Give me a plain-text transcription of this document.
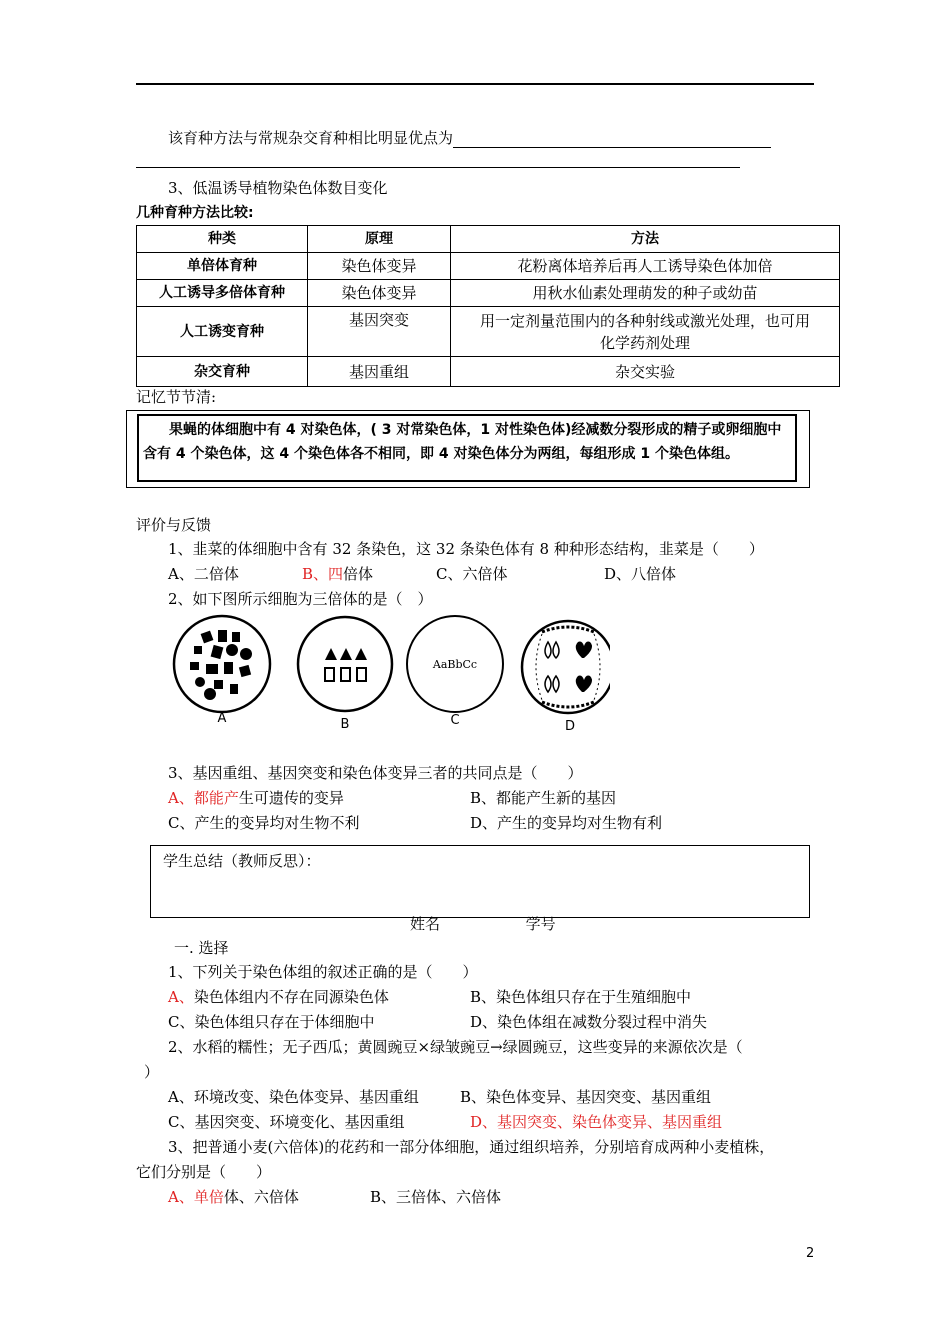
该育种方法与常规杂交育种相比明显优点为
3、低温诱导植物染色体数目变化
几种育种方法比较:
种类	原理	方法
单倍体育种	染色体变异	花粉离体培养后再人工诱导染色体加倍
人工诱导多倍体育种	染色体变异	用秋水仙素处理萌发的种子或幼苗
人工诱变育种	基因突变	用一定剂量范围内的各种射线或激光处理，也可用
化学药剂处理

杂交育种	基因重组	杂交实验
记忆节节清:
果蝇的体细胞中有 4 对染色体，( 3 对常染色体，1 对性染色体)经减数分裂形成的精子或卵细胞中含有 4 个染色体，这 4 个染色体各不相同，即 4 对染色体分为两组，每组形成 1 个染色体组。
评价与反馈
1、韭菜的体细胞中含有 32 条染色，这 32 条染色体有 8 种种形态结构，韭菜是（　　）
A、二倍体	B、四倍体	C、六倍体	D、八倍体
2、如下图所示细胞为三倍体的是（　）
AaBbCc
A	B	C	D
3、基因重组、基因突变和染色体变异三者的共同点是（　　）
A、都能产生可遗传的变异	B、都能产生新的基因
C、产生的变异均对生物不利	D、产生的变异均对生物有利
学生总结（教师反思）：
姓名	学号
一. 选择
1、下列关于染色体组的叙述正确的是（　　）
A、染色体组内不存在同源染色体	B、染色体组只存在于生殖细胞中
C、染色体组只存在于体细胞中	D、染色体组在减数分裂过程中消失
2、水稻的糯性；无子西瓜；黄圆豌豆×绿皱豌豆→绿圆豌豆，这些变异的来源依次是（
）
A、环境改变、染色体变异、基因重组	B、染色体变异、基因突变、基因重组
C、基因突变、环境变化、基因重组	D、基因突变、染色体变异、基因重组
3、把普通小麦(六倍体)的花药和一部分体细胞，通过组织培养，分别培育成两种小麦植株，
它们分别是（　　）
A、单倍体、六倍体	B、三倍体、六倍体
2
